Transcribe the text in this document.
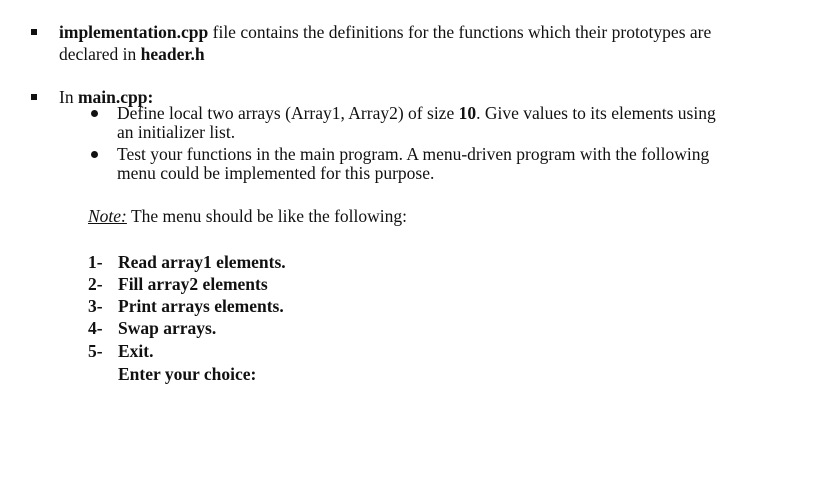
implementation.cpp file contains the definitions for the functions which their prototypes are
declared in header.h
In main.cpp:
Define local two arrays (Array1, Array2) of size 10. Give values to its elements using
an initializer list.
Test your functions in the main program. A menu-driven program with the following
menu could be implemented for this purpose.
Note: The menu should be like the following:
1- Read array1 elements.
2- Fill array2 elements
3- Print arrays elements.
4- Swap arrays.
5- Exit.
Enter your choice:
